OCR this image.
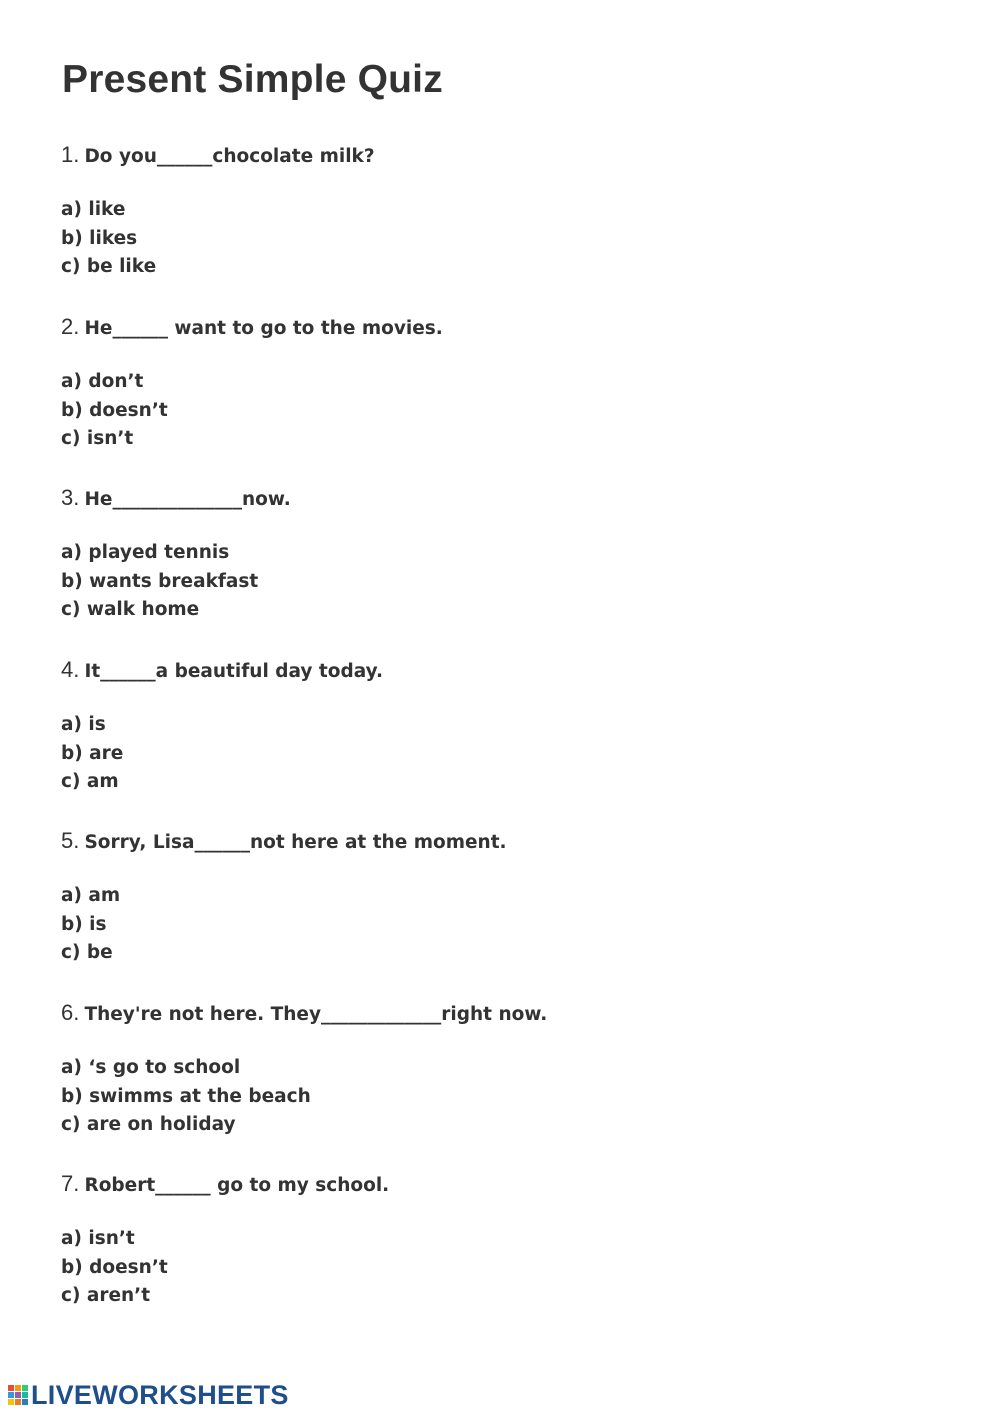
Present Simple Quiz
1. Do you______chocolate milk?
a) like
b) likes
c) be like
2. He______ want to go to the movies.
a) don’t
b) doesn’t
c) isn’t
3. He______________now.
a) played tennis
b) wants breakfast
c) walk home
4. It______a beautiful day today.
a) is
b) are
c) am
5. Sorry, Lisa______not here at the moment.
a) am
b) is
c) be
6. They're not here. They_____________right now.
a) ‘s go to school
b) swimms at the beach
c) are on holiday
7. Robert______ go to my school.
a) isn’t
b) doesn’t
c) aren’t
LIVEWORKSHEETS
